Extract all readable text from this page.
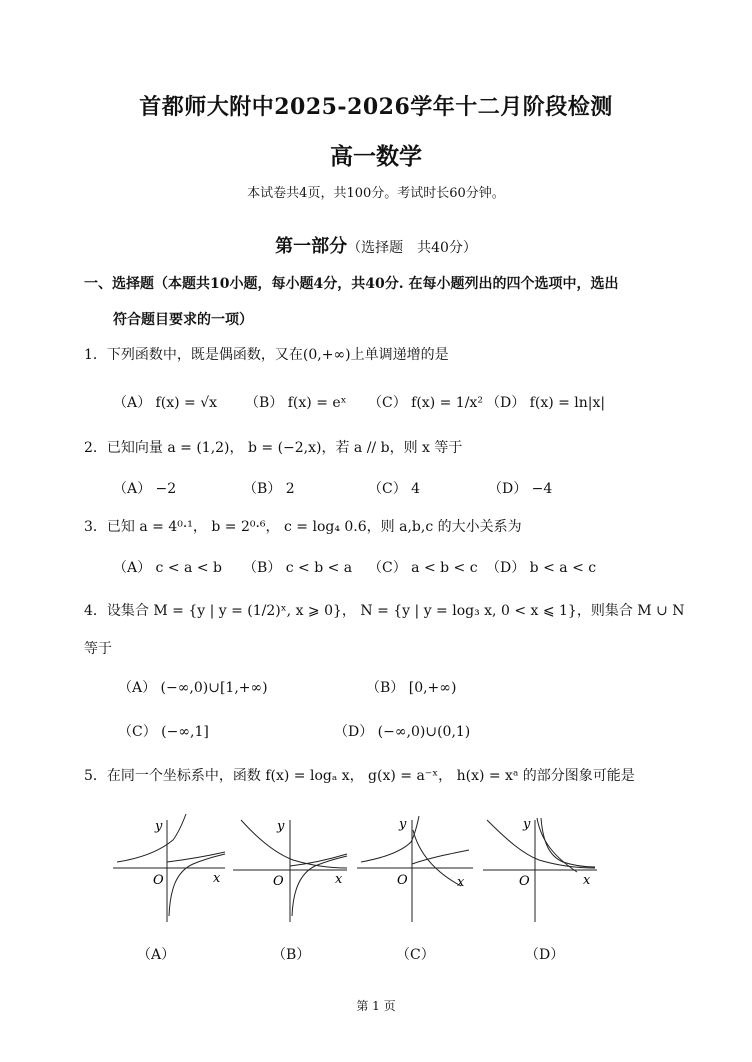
首都师大附中2025-2026学年十二月阶段检测
高一数学
本试卷共4页，共100分。考试时长60分钟。
第一部分（选择题　共40分）
一、选择题（本题共10小题，每小题4分，共40分. 在每小题列出的四个选项中，选出
符合题目要求的一项）
1．下列函数中，既是偶函数，又在(0,+∞)上单调递增的是
（A） f(x) = √x （B） f(x) = eˣ （C） f(x) = 1/x² （D） f(x) = ln|x|
2．已知向量 a = (1,2)， b = (−2,x)，若 a // b，则 x 等于
（A） −2	（B） 2	（C） 4	（D） −4
3．已知 a = 4⁰·¹， b = 2⁰·⁶， c = log₄ 0.6，则 a,b,c 的大小关系为
（A） c < a < b （B） c < b < a （C） a < b < c （D） b < a < c
4．设集合 M = {y | y = (1/2)ˣ, x ⩾ 0}， N = {y | y = log₃ x, 0 < x ⩽ 1}，则集合 M ∪ N
等于
（A） (−∞,0)∪[1,+∞)	（B） [0,+∞)
（C） (−∞,1]	（D） (−∞,0)∪(0,1)
5．在同一个坐标系中，函数 f(x) = logₐ x， g(x) = a⁻ˣ， h(x) = xᵃ 的部分图象可能是
y
O	x
y
O	x
y
O	x
y
O	x
（A）	（B）	（C）	（D）
第 1 页
